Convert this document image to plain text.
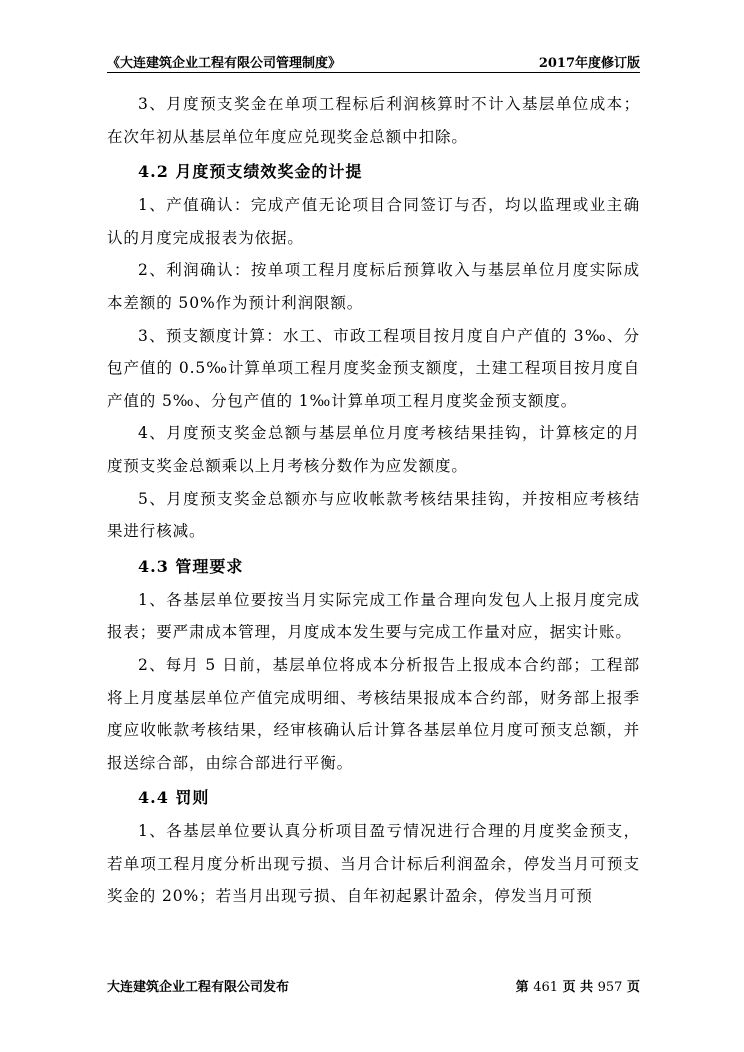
《大连建筑企业工程有限公司管理制度》	2017年度修订版

3、月度预支奖金在单项工程标后利润核算时不计入基层单位成本；在次年初从基层单位年度应兑现奖金总额中扣除。

4.2 月度预支绩效奖金的计提

1、产值确认：完成产值无论项目合同签订与否，均以监理或业主确认的月度完成报表为依据。

2、利润确认：按单项工程月度标后预算收入与基层单位月度实际成本差额的 50%作为预计利润限额。

3、预支额度计算：水工、市政工程项目按月度自户产值的 3‰、分包产值的 0.5‰计算单项工程月度奖金预支额度，土建工程项目按月度自产值的 5‰、分包产值的 1‰计算单项工程月度奖金预支额度。

4、月度预支奖金总额与基层单位月度考核结果挂钩，计算核定的月度预支奖金总额乘以上月考核分数作为应发额度。

5、月度预支奖金总额亦与应收帐款考核结果挂钩，并按相应考核结果进行核减。

4.3 管理要求

1、各基层单位要按当月实际完成工作量合理向发包人上报月度完成报表；要严肃成本管理，月度成本发生要与完成工作量对应，据实计账。

2、每月 5 日前，基层单位将成本分析报告上报成本合约部；工程部将上月度基层单位产值完成明细、考核结果报成本合约部，财务部上报季度应收帐款考核结果，经审核确认后计算各基层单位月度可预支总额，并报送综合部，由综合部进行平衡。

4.4 罚则

1、各基层单位要认真分析项目盈亏情况进行合理的月度奖金预支，若单项工程月度分析出现亏损、当月合计标后利润盈余，停发当月可预支奖金的 20%；若当月出现亏损、自年初起累计盈余，停发当月可预

大连建筑企业工程有限公司发布	第 461 页 共 957 页
